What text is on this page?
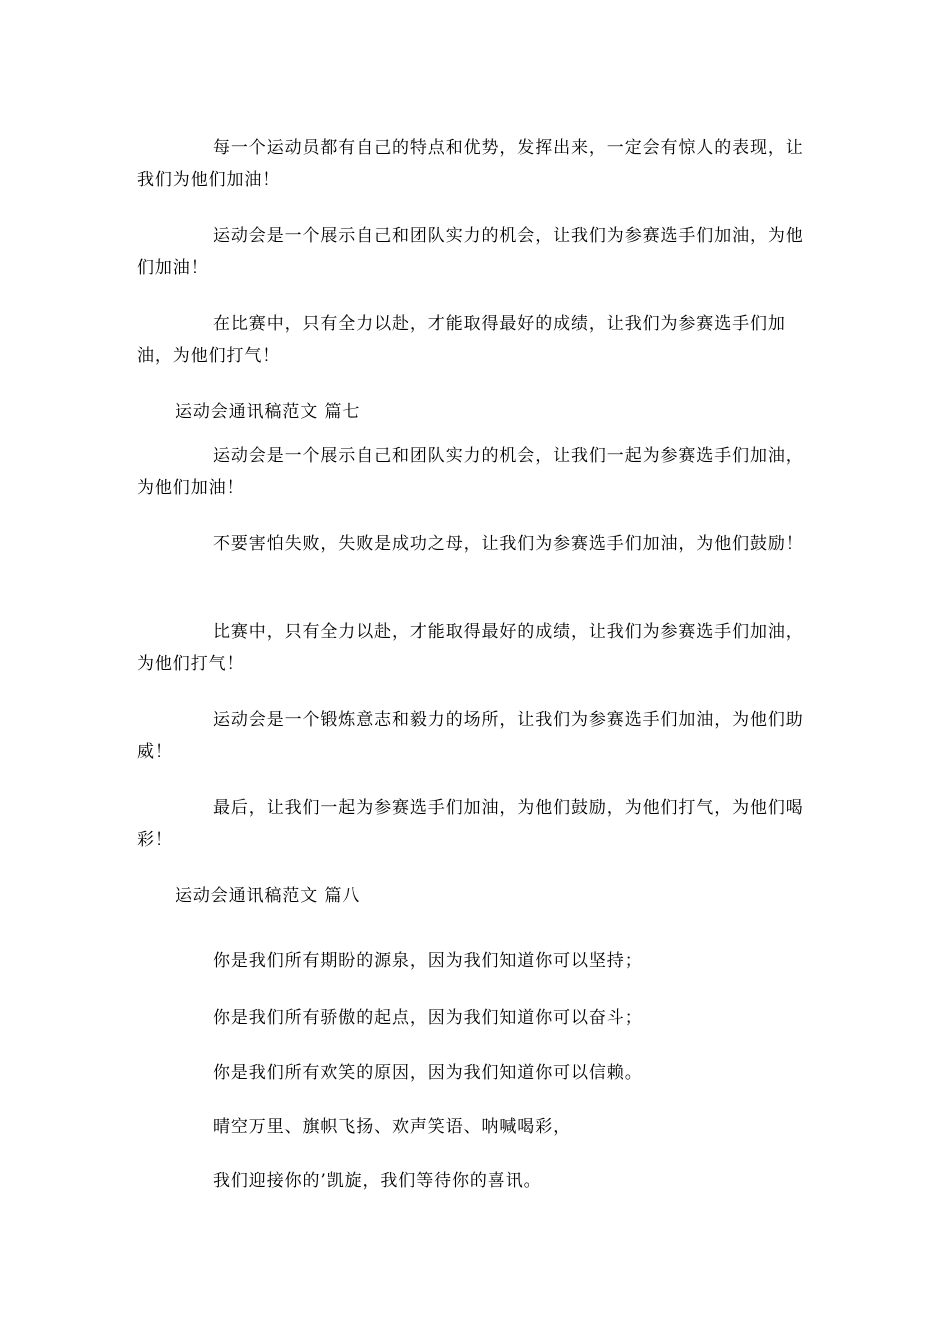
每一个运动员都有自己的特点和优势，发挥出来，一定会有惊人的表现，让我们为他们加油！

运动会是一个展示自己和团队实力的机会，让我们为参赛选手们加油，为他们加油！

在比赛中，只有全力以赴，才能取得最好的成绩，让我们为参赛选手们加油，为他们打气！

运动会通讯稿范文 篇七

运动会是一个展示自己和团队实力的机会，让我们一起为参赛选手们加油，为他们加油！

不要害怕失败，失败是成功之母，让我们为参赛选手们加油，为他们鼓励！

比赛中，只有全力以赴，才能取得最好的成绩，让我们为参赛选手们加油，为他们打气！

运动会是一个锻炼意志和毅力的场所，让我们为参赛选手们加油，为他们助威！

最后，让我们一起为参赛选手们加油，为他们鼓励，为他们打气，为他们喝彩！

运动会通讯稿范文 篇八

你是我们所有期盼的源泉，因为我们知道你可以坚持；

你是我们所有骄傲的起点，因为我们知道你可以奋斗；

你是我们所有欢笑的原因，因为我们知道你可以信赖。

晴空万里、旗帜飞扬、欢声笑语、呐喊喝彩，

我们迎接你的’凯旋，我们等待你的喜讯。
